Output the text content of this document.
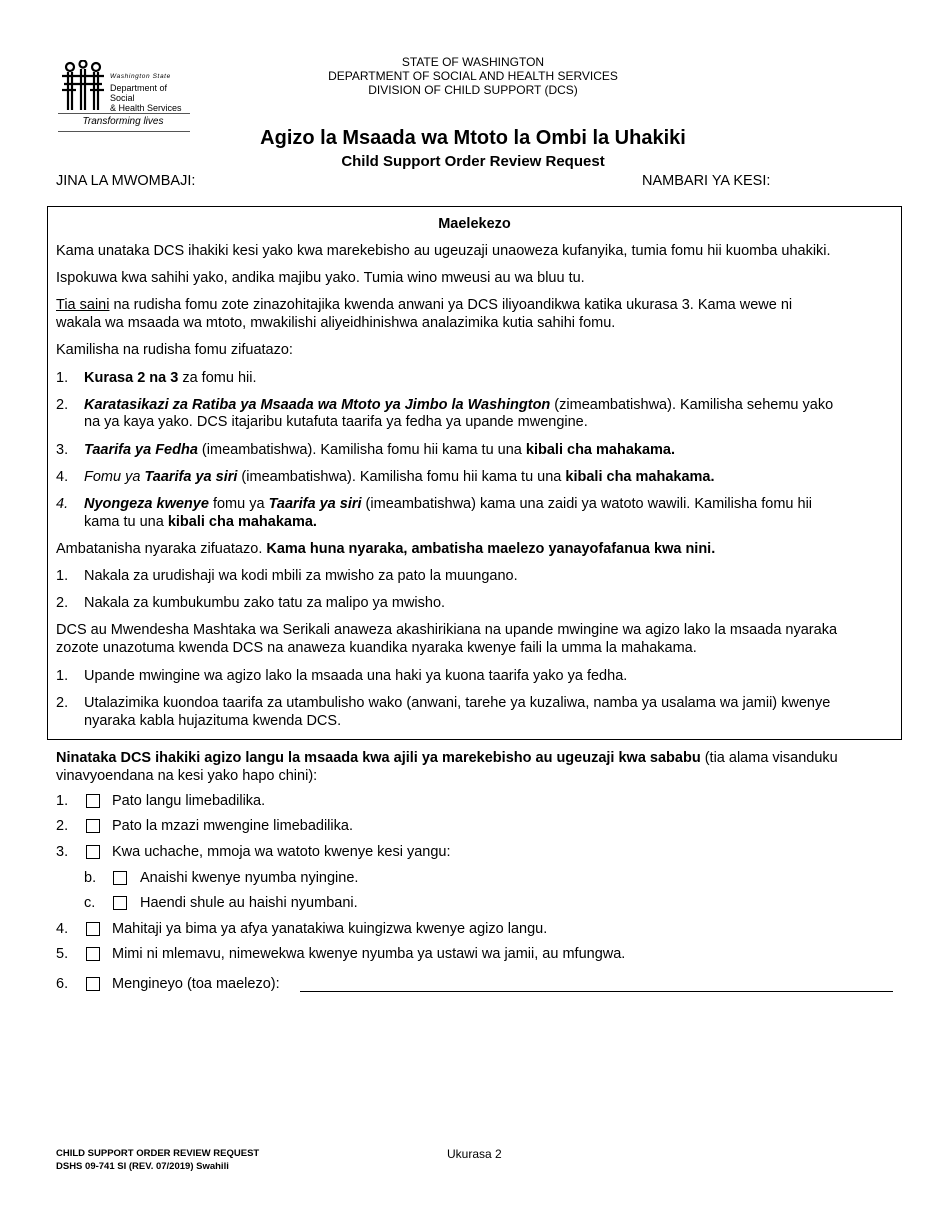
Washington State
Department of Social
& Health Services
Transforming lives
STATE OF WASHINGTON
DEPARTMENT OF SOCIAL AND HEALTH SERVICES
DIVISION OF CHILD SUPPORT (DCS)
Agizo la Msaada wa Mtoto la Ombi la Uhakiki
Child Support Order Review Request
JINA LA MWOMBAJI:	NAMBARI YA KESI:
Maelekezo
Kama unataka DCS ihakiki kesi yako kwa marekebisho au ugeuzaji unaoweza kufanyika, tumia fomu hii kuomba uhakiki.
Ispokuwa kwa sahihi yako, andika majibu yako. Tumia wino mweusi au wa bluu tu.
Tia saini na rudisha fomu zote zinazohitajika kwenda anwani ya DCS iliyoandikwa katika ukurasa 3. Kama wewe ni
wakala wa msaada wa mtoto, mwakilishi aliyeidhinishwa analazimika kutia sahihi fomu.
Kamilisha na rudisha fomu zifuatazo:
1. Kurasa 2 na 3 za fomu hii.
2. Karatasikazi za Ratiba ya Msaada wa Mtoto ya Jimbo la Washington (zimeambatishwa). Kamilisha sehemu yako
na ya kaya yako. DCS itajaribu kutafuta taarifa ya fedha ya upande mwengine.
3. Taarifa ya Fedha (imeambatishwa). Kamilisha fomu hii kama tu una kibali cha mahakama.
4. Fomu ya Taarifa ya siri (imeambatishwa). Kamilisha fomu hii kama tu una kibali cha mahakama.
4. Nyongeza kwenye fomu ya Taarifa ya siri (imeambatishwa) kama una zaidi ya watoto wawili. Kamilisha fomu hii
kama tu una kibali cha mahakama.
Ambatanisha nyaraka zifuatazo. Kama huna nyaraka, ambatisha maelezo yanayofafanua kwa nini.
1. Nakala za urudishaji wa kodi mbili za mwisho za pato la muungano.
2. Nakala za kumbukumbu zako tatu za malipo ya mwisho.
DCS au Mwendesha Mashtaka wa Serikali anaweza akashirikiana na upande mwingine wa agizo lako la msaada nyaraka
zozote unazotuma kwenda DCS na anaweza kuandika nyaraka kwenye faili la umma la mahakama.
1. Upande mwingine wa agizo lako la msaada una haki ya kuona taarifa yako ya fedha.
2. Utalazimika kuondoa taarifa za utambulisho wako (anwani, tarehe ya kuzaliwa, namba ya usalama wa jamii) kwenye
nyaraka kabla hujazituma kwenda DCS.
Ninataka DCS ihakiki agizo langu la msaada kwa ajili ya marekebisho au ugeuzaji kwa sababu (tia alama visanduku
vinavyoendana na kesi yako hapo chini):
1.	Pato langu limebadilika.
2.	Pato la mzazi mwengine limebadilika.
3.	Kwa uchache, mmoja wa watoto kwenye kesi yangu:
b.	Anaishi kwenye nyumba nyingine.
c.	Haendi shule au haishi nyumbani.
4.	Mahitaji ya bima ya afya yanatakiwa kuingizwa kwenye agizo langu.
5.	Mimi ni mlemavu, nimewekwa kwenye nyumba ya ustawi wa jamii, au mfungwa.
6.	Mengineyo (toa maelezo):
CHILD SUPPORT ORDER REVIEW REQUEST
DSHS 09-741 SI (REV. 07/2019) Swahili
Ukurasa 2
